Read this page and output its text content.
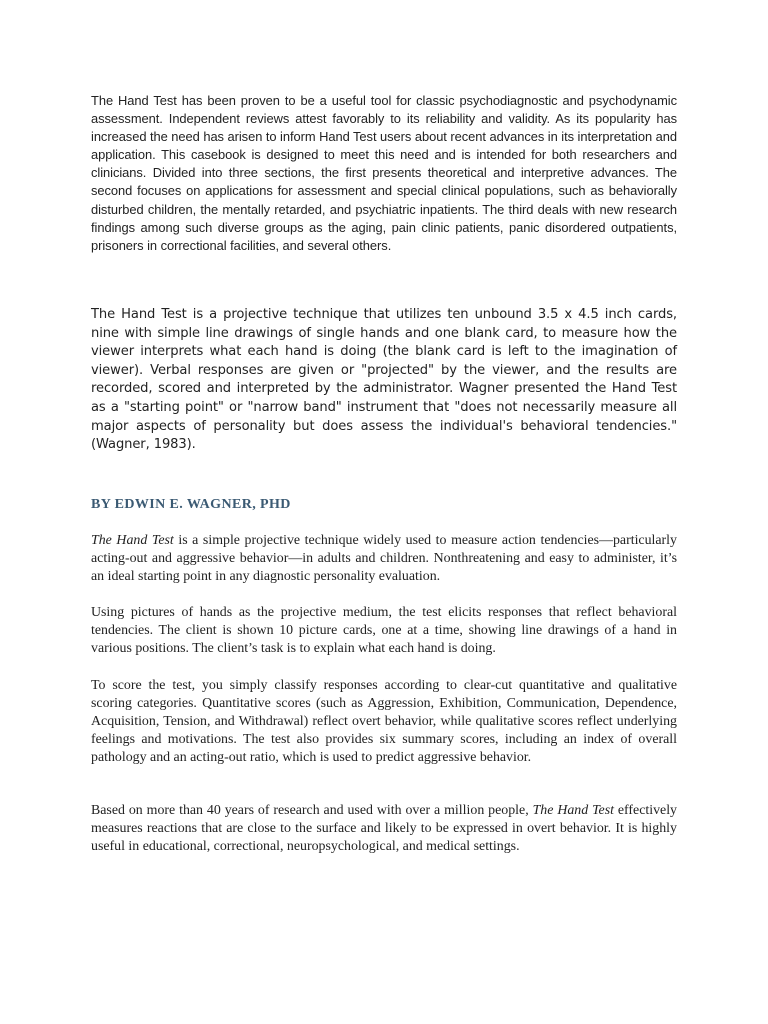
The Hand Test has been proven to be a useful tool for classic psychodiagnostic and psychodynamic assessment. Independent reviews attest favorably to its reliability and validity. As its popularity has increased the need has arisen to inform Hand Test users about recent advances in its interpretation and application. This casebook is designed to meet this need and is intended for both researchers and clinicians. Divided into three sections, the first presents theoretical and interpretive advances. The second focuses on applications for assessment and special clinical populations, such as behaviorally disturbed children, the mentally retarded, and psychiatric inpatients. The third deals with new research findings among such diverse groups as the aging, pain clinic patients, panic disordered outpatients, prisoners in correctional facilities, and several others.

The Hand Test is a projective technique that utilizes ten unbound 3.5 x 4.5 inch cards, nine with simple line drawings of single hands and one blank card, to measure how the viewer interprets what each hand is doing (the blank card is left to the imagination of viewer). Verbal responses are given or "projected" by the viewer, and the results are recorded, scored and interpreted by the administrator. Wagner presented the Hand Test as a "starting point" or "narrow band" instrument that "does not necessarily measure all major aspects of personality but does assess the individual's behavioral tendencies." (Wagner, 1983).

BY EDWIN E. WAGNER, PHD

The Hand Test is a simple projective technique widely used to measure action tendencies—particularly acting-out and aggressive behavior—in adults and children. Nonthreatening and easy to administer, it’s an ideal starting point in any diagnostic personality evaluation.

Using pictures of hands as the projective medium, the test elicits responses that reflect behavioral tendencies. The client is shown 10 picture cards, one at a time, showing line drawings of a hand in various positions. The client’s task is to explain what each hand is doing.

To score the test, you simply classify responses according to clear-cut quantitative and qualitative scoring categories. Quantitative scores (such as Aggression, Exhibition, Communication, Dependence, Acquisition, Tension, and Withdrawal) reflect overt behavior, while qualitative scores reflect underlying feelings and motivations. The test also provides six summary scores, including an index of overall pathology and an acting-out ratio, which is used to predict aggressive behavior.

Based on more than 40 years of research and used with over a million people, The Hand Test effectively measures reactions that are close to the surface and likely to be expressed in overt behavior. It is highly useful in educational, correctional, neuropsychological, and medical settings.
